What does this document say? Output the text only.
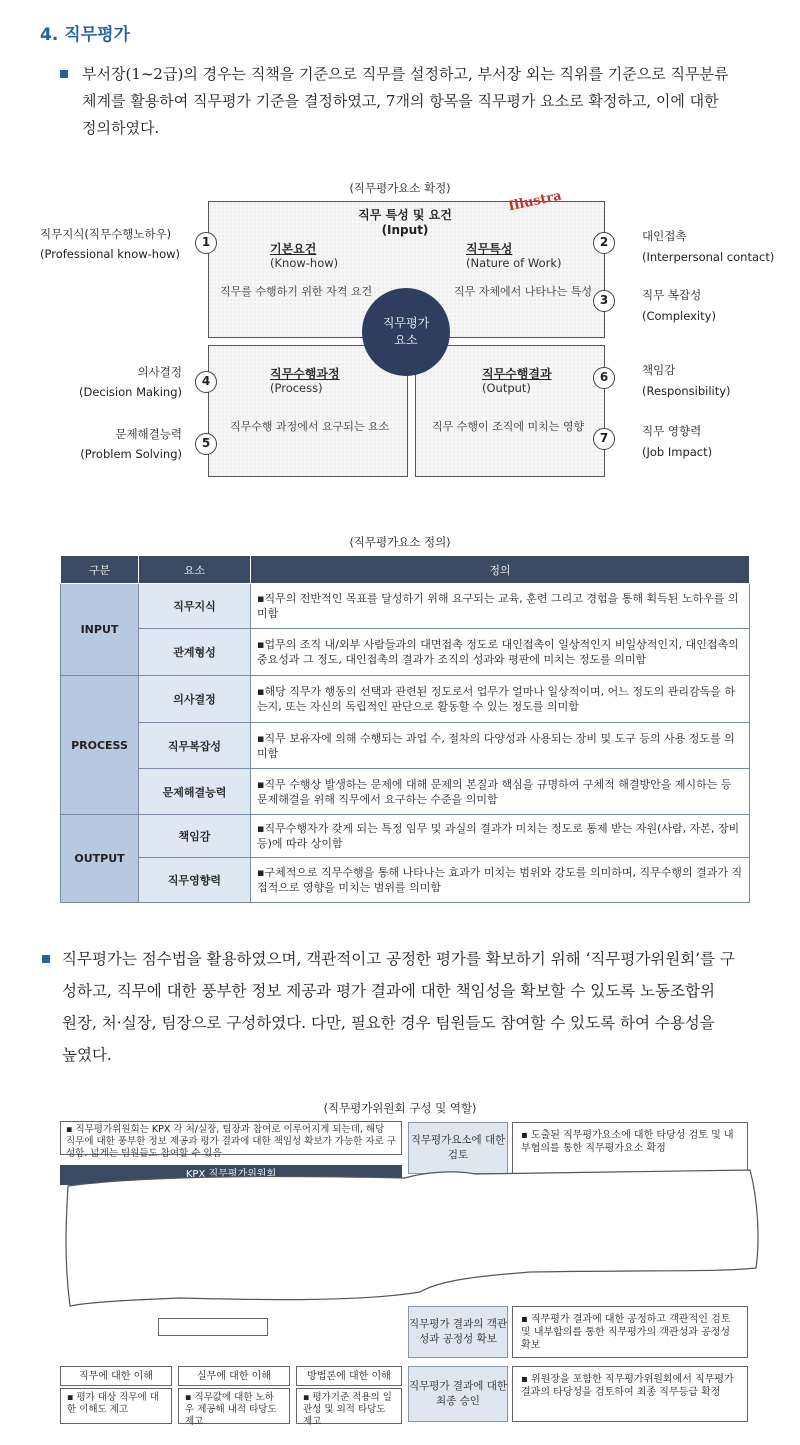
4. 직무평가
부서장(1~2급)의 경우는 직책을 기준으로 직무를 설정하고, 부서장 외는 직위를 기준으로 직무분류
체계를 활용하여 직무평가 기준을 결정하였고, 7개의 항목을 직무평가 요소로 확정하고, 이에 대한
정의하였다.
⟨직무평가요소 확정⟩
직무 특성 및 요건(Input)
Illustra
기본요건
(Know-how)
직무를 수행하기 위한 자격 요건
직무특성
(Nature of Work)
직무 자체에서 나타나는 특성
직무수행과정
(Process)
직무수행 과정에서 요구되는 요소
직무수행결과
(Output)
직무 수행이 조직에 미치는 영향
직무평가
요소
1
4
5
2
3
6
7
직무지식(직무수행노하우)
(Professional know-how)
의사결정
(Decision Making)
문제해결능력
(Problem Solving)
대인접촉
(Interpersonal contact)
직무 복잡성
(Complexity)
책임감
(Responsibility)
직무 영향력
(Job Impact)
⟨직무평가요소 정의⟩
구분	요소	정의
INPUT	직무지식	▪직무의 전반적인 목표를 달성하기 위해 요구되는 교육, 훈련 그리고 경험을 통해 획득된 노하우를 의미함
	관계형성	▪업무의 조직 내/외부 사람들과의 대면접촉 정도로 대인접촉이 일상적인지 비일상적인지, 대인접촉의 중요성과 그 정도, 대인접촉의 결과가 조직의 성과와 평판에 미치는 정도를 의미함
PROCESS	의사결정	▪해당 직무가 행동의 선택과 관련된 정도로서 업무가 얼마나 일상적이며, 어느 정도의 관리감독을 하는지, 또는 자신의 독립적인 판단으로 활동할 수 있는 정도를 의미함
	직무복잡성	▪직무 보유자에 의해 수행되는 과업 수, 절차의 다양성과 사용되는 장비 및 도구 등의 사용 정도를 의미함
	문제해결능력	▪직무 수행상 발생하는 문제에 대해 문제의 본질과 핵심을 규명하여 구체적 해결방안을 제시하는 등 문제해결을 위해 직무에서 요구하는 수준을 의미함
OUTPUT	책임감	▪직무수행자가 갖게 되는 특정 임무 및 과실의 결과가 미치는 정도로 통제 받는 자원(사람, 자본, 장비 등)에 따라 상이함
	직무영향력	▪구체적으로 직무수행을 통해 나타나는 효과가 미치는 범위와 강도를 의미하며, 직무수행의 결과가 직접적으로 영향을 미치는 범위를 의미함
직무평가는 점수법을 활용하였으며, 객관적이고 공정한 평가를 확보하기 위해 ‘직무평가위원회’를 구
성하고, 직무에 대한 풍부한 정보 제공과 평가 결과에 대한 책임성을 확보할 수 있도록 노동조합위
원장, 처·실장, 팀장으로 구성하였다. 다만, 필요한 경우 팀원들도 참여할 수 있도록 하여 수용성을
높였다.
⟨직무평가위원회 구성 및 역할⟩
▪ 직무평가위원회는 KPX 각 처/실장, 팀장과 참여로 이루어지게 되는데, 해당 직무에 대한 풍부한 정보 제공과 평가 결과에 대한 책임성 확보가 가능한 자로 구성함. 넓게는 팀원들도 참여할 수 있음
KPX 직무평가위원회
직무평가요소에 대한 검토
▪ 도출된 직무평가요소에 대한 타당성 검토 및 내부협의를 통한 직무평가요소 확정
직무평가 결과의 객관성과 공정성 확보
▪ 직무평가 결과에 대한 공정하고 객관적인 검토 및 내부합의를 통한 직무평가의 객관성과 공정성 확보
직무평가 결과에 대한 최종 승인
▪ 위원장을 포함한 직무평가위원회에서 직무평가 결과의 타당성을 검토하여 최종 직무등급 확정
직무에 대한 이해
▪ 평가 대상 직무에 대한 이해도 제고
실무에 대한 이해
▪ 직무값에 대한 노하우 제공해 내적 타당도 제고
방법론에 대한 이해
▪ 평가기준 적용의 일관성 및 외적 타당도 제고
